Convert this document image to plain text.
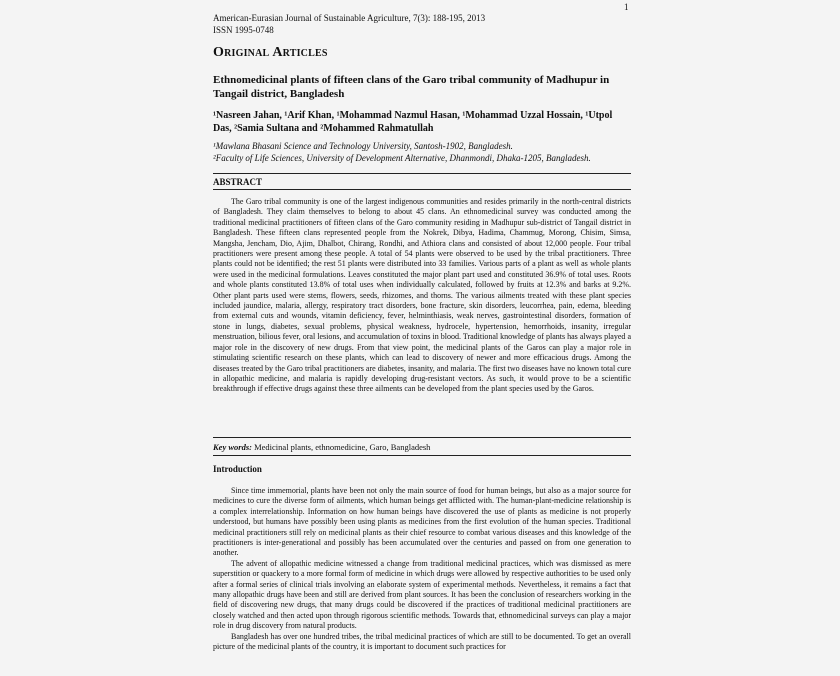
1
American-Eurasian Journal of Sustainable Agriculture, 7(3): 188-195, 2013
ISSN 1995-0748
Original Articles
Ethnomedicinal plants of fifteen clans of the Garo tribal community of Madhupur in Tangail district, Bangladesh
¹Nasreen Jahan, ¹Arif Khan, ¹Mohammad Nazmul Hasan, ¹Mohammad Uzzal Hossain, ¹Utpol Das, ²Samia Sultana and ²Mohammed Rahmatullah
¹Mawlana Bhasani Science and Technology University, Santosh-1902, Bangladesh.
²Faculty of Life Sciences, University of Development Alternative, Dhanmondi, Dhaka-1205, Bangladesh.
ABSTRACT
The Garo tribal community is one of the largest indigenous communities and resides primarily in the north-central districts of Bangladesh. They claim themselves to belong to about 45 clans. An ethnomedicinal survey was conducted among the traditional medicinal practitioners of fifteen clans of the Garo community residing in Madhupur sub-district of Tangail district in Bangladesh. These fifteen clans represented people from the Nokrek, Dibya, Hadima, Chammug, Morong, Chisim, Simsa, Mangsha, Jencham, Dio, Ajim, Dhalbot, Chirang, Rondhi, and Athiora clans and consisted of about 12,000 people. Four tribal practitioners were present among these people. A total of 54 plants were observed to be used by the tribal practitioners. Three plants could not be identified; the rest 51 plants were distributed into 33 families. Various parts of a plant as well as whole plants were used in the medicinal formulations. Leaves constituted the major plant part used and constituted 36.9% of total uses. Roots and whole plants constituted 13.8% of total uses when individually calculated, followed by fruits at 12.3% and barks at 9.2%. Other plant parts used were stems, flowers, seeds, rhizomes, and thorns. The various ailments treated with these plant species included jaundice, malaria, allergy, respiratory tract disorders, bone fracture, skin disorders, leucorrhea, pain, edema, bleeding from external cuts and wounds, vitamin deficiency, fever, helminthiasis, weak nerves, gastrointestinal disorders, formation of stone in lungs, diabetes, sexual problems, physical weakness, hydrocele, hypertension, hemorrhoids, insanity, irregular menstruation, bilious fever, oral lesions, and accumulation of toxins in blood. Traditional knowledge of plants has always played a major role in the discovery of new drugs. From that view point, the medicinal plants of the Garos can play a major role in stimulating scientific research on these plants, which can lead to discovery of newer and more efficacious drugs. Among the diseases treated by the Garo tribal practitioners are diabetes, insanity, and malaria. The first two diseases have no known total cure in allopathic medicine, and malaria is rapidly developing drug-resistant vectors. As such, it would prove to be a scientific breakthrough if effective drugs against these three ailments can be developed from the plant species used by the Garos.
Key words: Medicinal plants, ethnomedicine, Garo, Bangladesh
Introduction

Since time immemorial, plants have been not only the main source of food for human beings, but also as a major source for medicines to cure the diverse form of ailments, which human beings get afflicted with. The human-plant-medicine relationship is a complex interrelationship. Information on how human beings have discovered the use of plants as medicine is not properly understood, but humans have possibly been using plants as medicines from the first evolution of the human species. Traditional medicinal practitioners still rely on medicinal plants as their chief resource to combat various diseases and this knowledge of the practitioners is inter-generational and possibly has been accumulated over the centuries and passed on from one generation to another.

The advent of allopathic medicine witnessed a change from traditional medicinal practices, which was dismissed as mere superstition or quackery to a more formal form of medicine in which drugs were allowed by respective authorities to be used only after a formal series of clinical trials involving an elaborate system of experimental methods. Nevertheless, it remains a fact that many allopathic drugs have been and still are derived from plant sources. It has been the conclusion of researchers working in the field of discovering new drugs, that many drugs could be discovered if the practices of traditional medicinal practitioners are closely watched and then acted upon through rigorous scientific methods. Towards that, ethnomedicinal surveys can play a major role in drug discovery from natural products.

Bangladesh has over one hundred tribes, the tribal medicinal practices of which are still to be documented. To get an overall picture of the medicinal plants of the country, it is important to document such practices for
